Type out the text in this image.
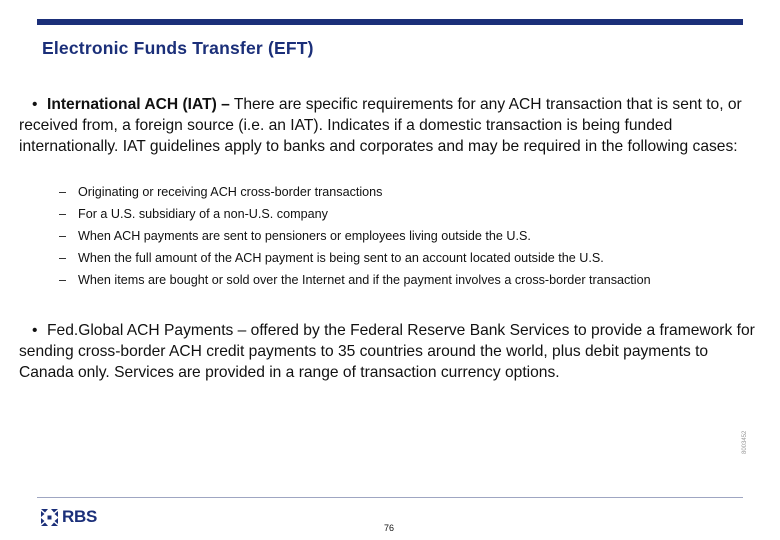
Electronic Funds Transfer (EFT)
• International ACH (IAT) – There are specific requirements for any ACH transaction that is sent to, or received from, a foreign source (i.e. an IAT). Indicates if a domestic transaction is being funded internationally. IAT guidelines apply to banks and corporates and may be required in the following cases:
– Originating or receiving ACH cross-border transactions
– For a U.S. subsidiary of a non-U.S. company
– When ACH payments are sent to pensioners or employees living outside the U.S.
– When the full amount of the ACH payment is being sent to an account located outside the U.S.
– When items are bought or sold over the Internet and if the payment involves a cross-border transaction
• Fed.Global ACH Payments – offered by the Federal Reserve Bank Services to provide a framework for sending cross-border ACH credit payments to 35 countries around the world, plus debit payments to Canada only. Services are provided in a range of transaction currency options.
8003452
RBS
76
